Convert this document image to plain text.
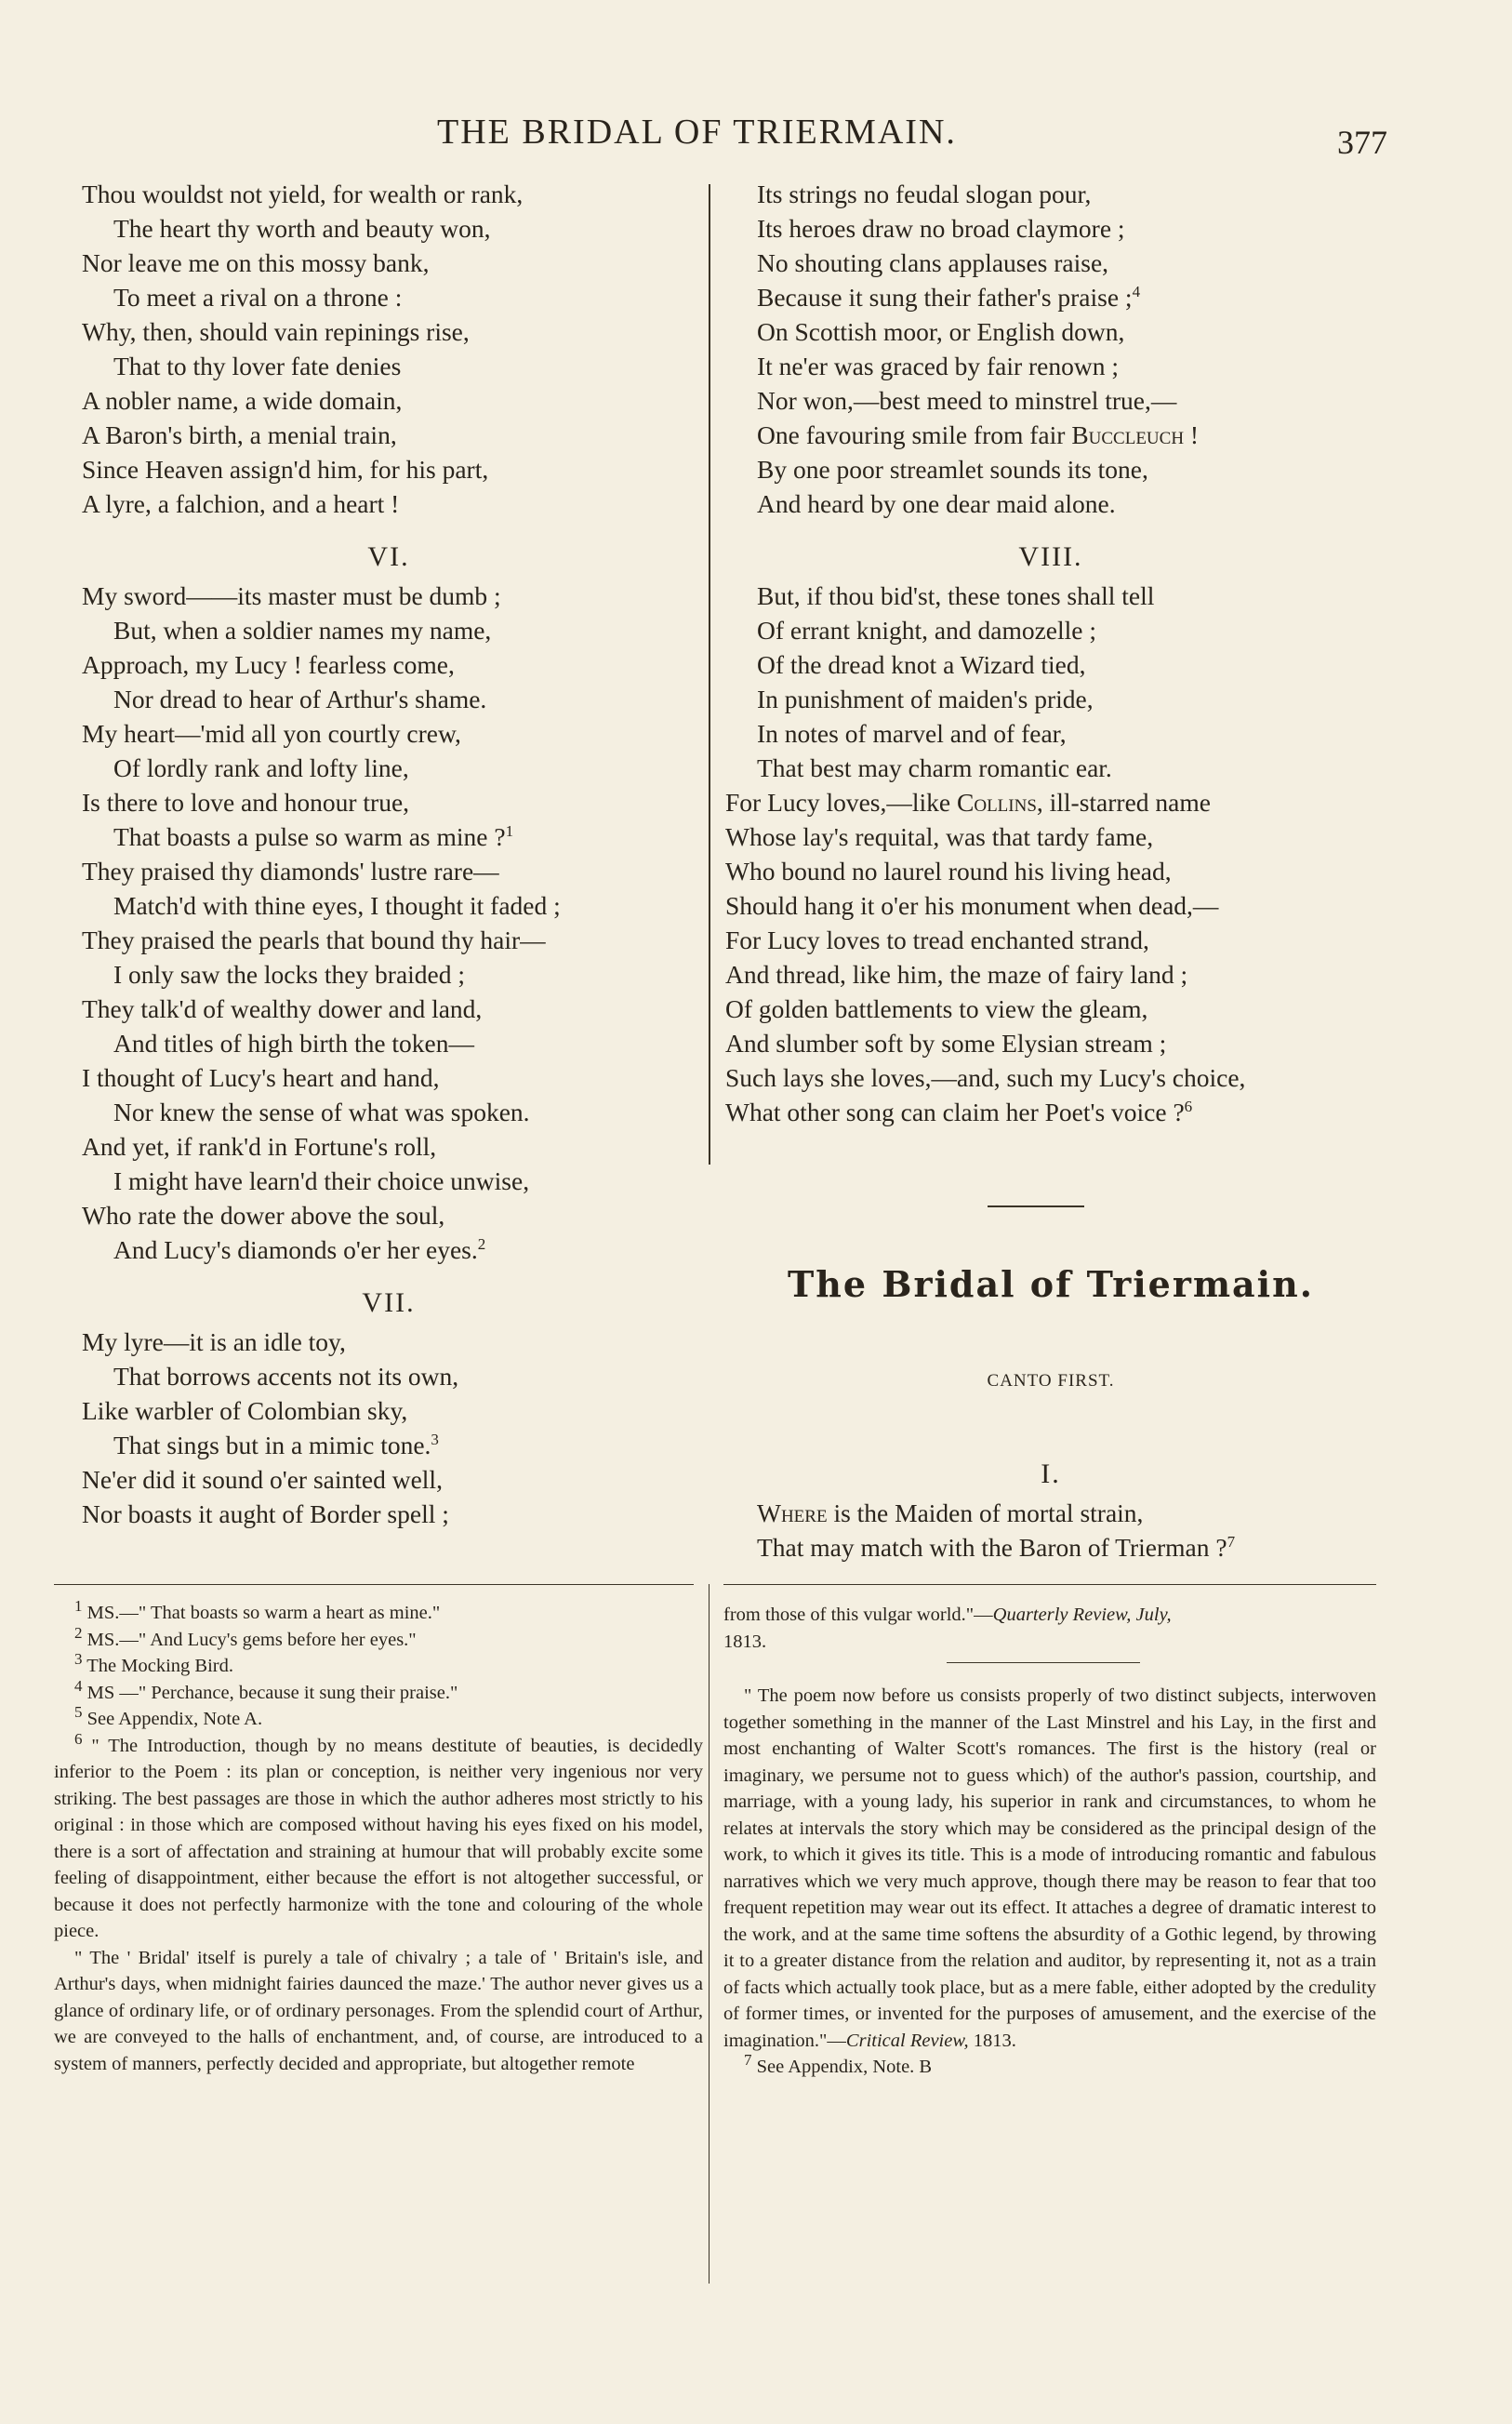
THE BRIDAL OF TRIERMAIN.	377
Thou wouldst not yield, for wealth or rank,
The heart thy worth and beauty won,
Nor leave me on this mossy bank,
To meet a rival on a throne :
Why, then, should vain repinings rise,
That to thy lover fate denies
A nobler name, a wide domain,
A Baron's birth, a menial train,
Since Heaven assign'd him, for his part,
A lyre, a falchion, and a heart !
VI.
My sword——its master must be dumb ;
But, when a soldier names my name,
Approach, my Lucy ! fearless come,
Nor dread to hear of Arthur's shame.
My heart—'mid all yon courtly crew,
Of lordly rank and lofty line,
Is there to love and honour true,
That boasts a pulse so warm as mine ?$^1$
They praised thy diamonds' lustre rare—
Match'd with thine eyes, I thought it faded ;
They praised the pearls that bound thy hair—
I only saw the locks they braided ;
They talk'd of wealthy dower and land,
And titles of high birth the token—
I thought of Lucy's heart and hand,
Nor knew the sense of what was spoken.
And yet, if rank'd in Fortune's roll,
I might have learn'd their choice unwise,
Who rate the dower above the soul,
And Lucy's diamonds o'er her eyes.$^2$
VII.
My lyre—it is an idle toy,
That borrows accents not its own,
Like warbler of Colombian sky,
That sings but in a mimic tone.$^3$
Ne'er did it sound o'er sainted well,
Nor boasts it aught of Border spell ;
Its strings no feudal slogan pour,
Its heroes draw no broad claymore ;
No shouting clans applauses raise,
Because it sung their father's praise ;$^4$
On Scottish moor, or English down,
It ne'er was graced by fair renown ;
Nor won,—best meed to minstrel true,—
One favouring smile from fair Buccleuch !
By one poor streamlet sounds its tone,
And heard by one dear maid alone.
VIII.
But, if thou bid'st, these tones shall tell
Of errant knight, and damozelle ;
Of the dread knot a Wizard tied,
In punishment of maiden's pride,
In notes of marvel and of fear,
That best may charm romantic ear.
For Lucy loves,—like Collins, ill-starred name
Whose lay's requital, was that tardy fame,
Who bound no laurel round his living head,
Should hang it o'er his monument when dead,—
For Lucy loves to tread enchanted strand,
And thread, like him, the maze of fairy land ;
Of golden battlements to view the gleam,
And slumber soft by some Elysian stream ;
Such lays she loves,—and, such my Lucy's choice,
What other song can claim her Poet's voice ?$^6$
The Bridal of Triermain.
CANTO FIRST.
I.
Where is the Maiden of mortal strain,
That may match with the Baron of Trierman ?$^7$
$^1$ MS.—" That boasts so warm a heart as mine."
$^2$ MS.—" And Lucy's gems before her eyes."
$^3$ The Mocking Bird.
$^4$ MS —" Perchance, because it sung their praise."
$^5$ See Appendix, Note A.

$^6$ " The Introduction, though by no means destitute of beauties, is decidedly inferior to the Poem : its plan or conception, is neither very ingenious nor very striking. The best passages are those in which the author adheres most strictly to his original : in those which are composed without having his eyes fixed on his model, there is a sort of affectation and straining at humour that will probably excite some feeling of disappointment, either because the effort is not altogether successful, or because it does not perfectly harmonize with the tone and colouring of the whole piece.

" The ' Bridal' itself is purely a tale of chivalry ; a tale of ' Britain's isle, and Arthur's days, when midnight fairies daunced the maze.' The author never gives us a glance of ordinary life, or of ordinary personages. From the splendid court of Arthur, we are conveyed to the halls of enchantment, and, of course, are introduced to a system of manners, perfectly decided and appropriate, but altogether remote

from those of this vulgar world."—Quarterly Review, July,
1813.

" The poem now before us consists properly of two distinct subjects, interwoven together something in the manner of the Last Minstrel and his Lay, in the first and most enchanting of Walter Scott's romances. The first is the history (real or imaginary, we persume not to guess which) of the author's passion, courtship, and marriage, with a young lady, his superior in rank and circumstances, to whom he relates at intervals the story which may be considered as the principal design of the work, to which it gives its title. This is a mode of introducing romantic and fabulous narratives which we very much approve, though there may be reason to fear that too frequent repetition may wear out its effect. It attaches a degree of dramatic interest to the work, and at the same time softens the absurdity of a Gothic legend, by throwing it to a greater distance from the relation and auditor, by representing it, not as a train of facts which actually took place, but as a mere fable, either adopted by the credulity of former times, or invented for the purposes of amusement, and the exercise of the imagination."—Critical Review, 1813.

$^7$ See Appendix, Note. B
